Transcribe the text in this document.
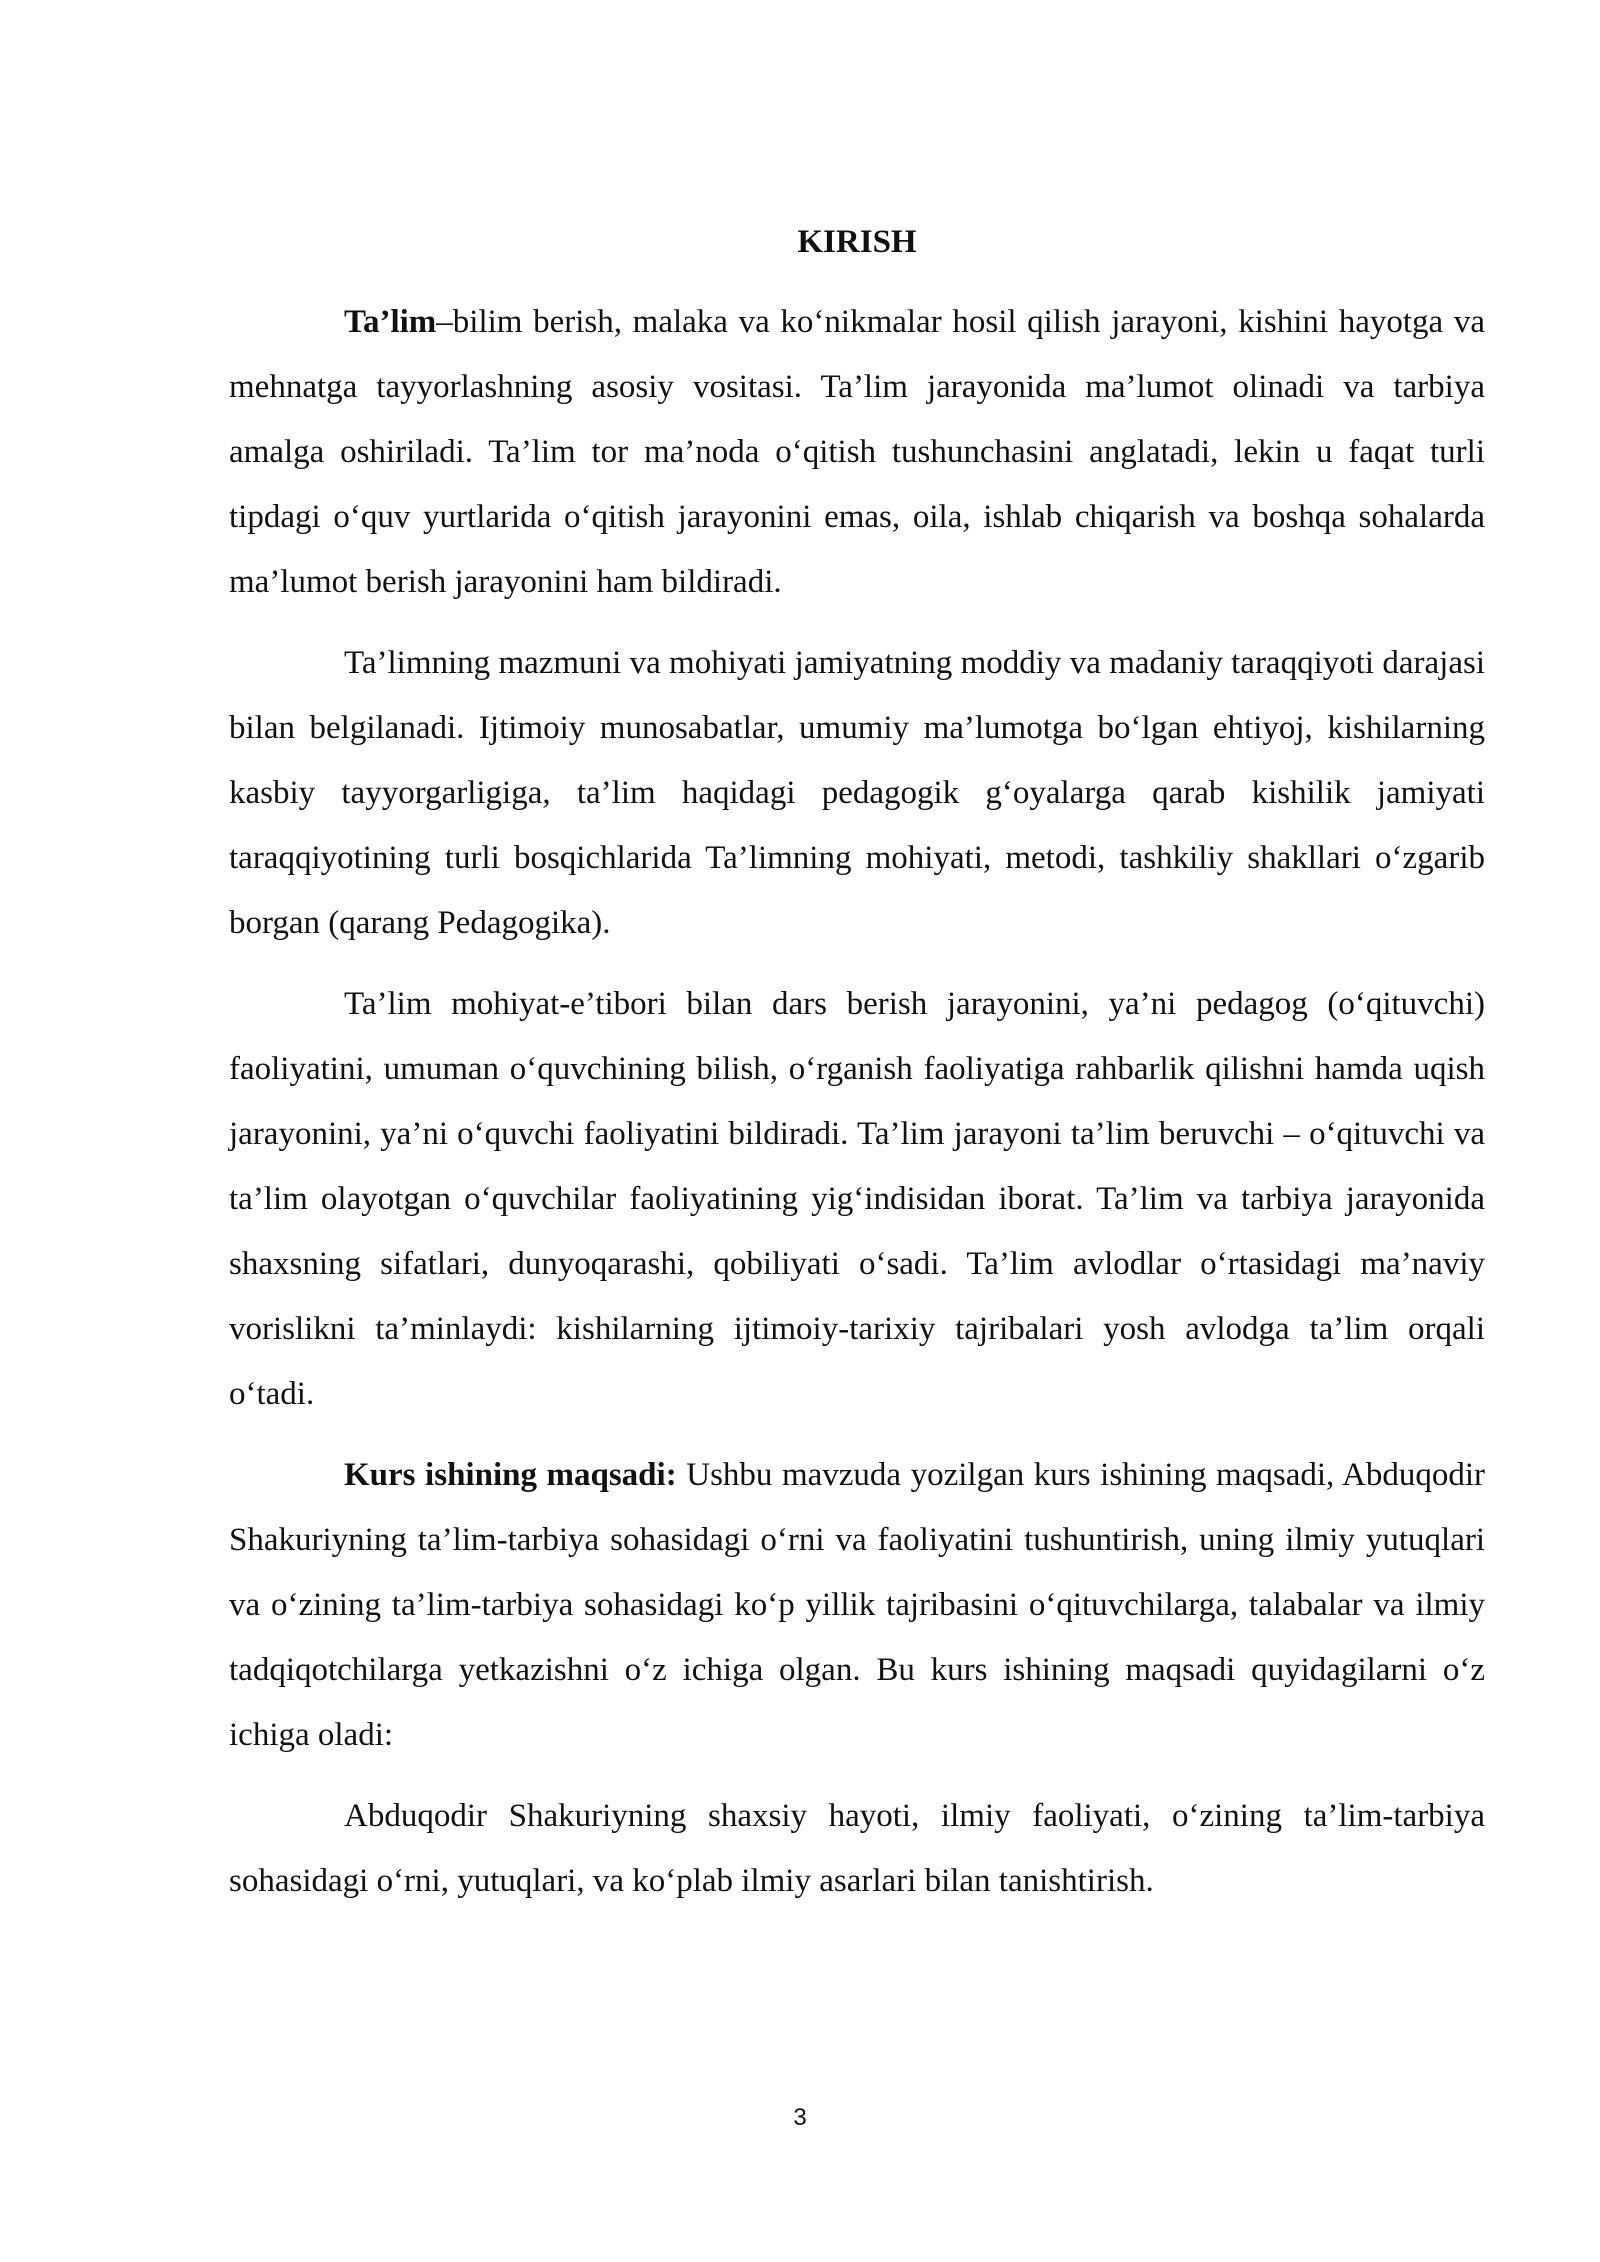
KIRISH

Ta’lim–bilim berish, malaka va ko‘nikmalar hosil qilish jarayoni, kishini hayotga va mehnatga tayyorlashning asosiy vositasi. Ta’lim jarayonida ma’lumot olinadi va tarbiya amalga oshiriladi. Ta’lim tor ma’noda o‘qitish tushunchasini anglatadi, lekin u faqat turli tipdagi o‘quv yurtlarida o‘qitish jarayonini emas, oila, ishlab chiqarish va boshqa sohalarda ma’lumot berish jarayonini ham bildiradi.

Ta’limning mazmuni va mohiyati jamiyatning moddiy va madaniy taraqqiyoti darajasi bilan belgilanadi. Ijtimoiy munosabatlar, umumiy ma’lumotga bo‘lgan ehtiyoj, kishilarning kasbiy tayyorgarligiga, ta’lim haqidagi pedagogik g‘oyalarga qarab kishilik jamiyati taraqqiyotining turli bosqichlarida Ta’limning mohiyati, metodi, tashkiliy shakllari o‘zgarib borgan (qarang Pedagogika).

Ta’lim mohiyat-e’tibori bilan dars berish jarayonini, ya’ni pedagog (o‘qituvchi) faoliyatini, umuman o‘quvchining bilish, o‘rganish faoliyatiga rahbarlik qilishni hamda uqish jarayonini, ya’ni o‘quvchi faoliyatini bildiradi. Ta’lim jarayoni ta’lim beruvchi – o‘qituvchi va ta’lim olayotgan o‘quvchilar faoliyatining yig‘indisidan iborat. Ta’lim va tarbiya jarayonida shaxsning sifatlari, dunyoqarashi, qobiliyati o‘sadi. Ta’lim avlodlar o‘rtasidagi ma’naviy vorislikni ta’minlaydi: kishilarning ijtimoiy-tarixiy tajribalari yosh avlodga ta’lim orqali o‘tadi.

Kurs ishining maqsadi: Ushbu mavzuda yozilgan kurs ishining maqsadi, Abduqodir Shakuriyning ta’lim-tarbiya sohasidagi o‘rni va faoliyatini tushuntirish, uning ilmiy yutuqlari va o‘zining ta’lim-tarbiya sohasidagi ko‘p yillik tajribasini o‘qituvchilarga, talabalar va ilmiy tadqiqotchilarga yetkazishni o‘z ichiga olgan. Bu kurs ishining maqsadi quyidagilarni o‘z ichiga oladi:

Abduqodir Shakuriyning shaxsiy hayoti, ilmiy faoliyati, o‘zining ta’lim-tarbiya sohasidagi o‘rni, yutuqlari, va ko‘plab ilmiy asarlari bilan tanishtirish.

3
